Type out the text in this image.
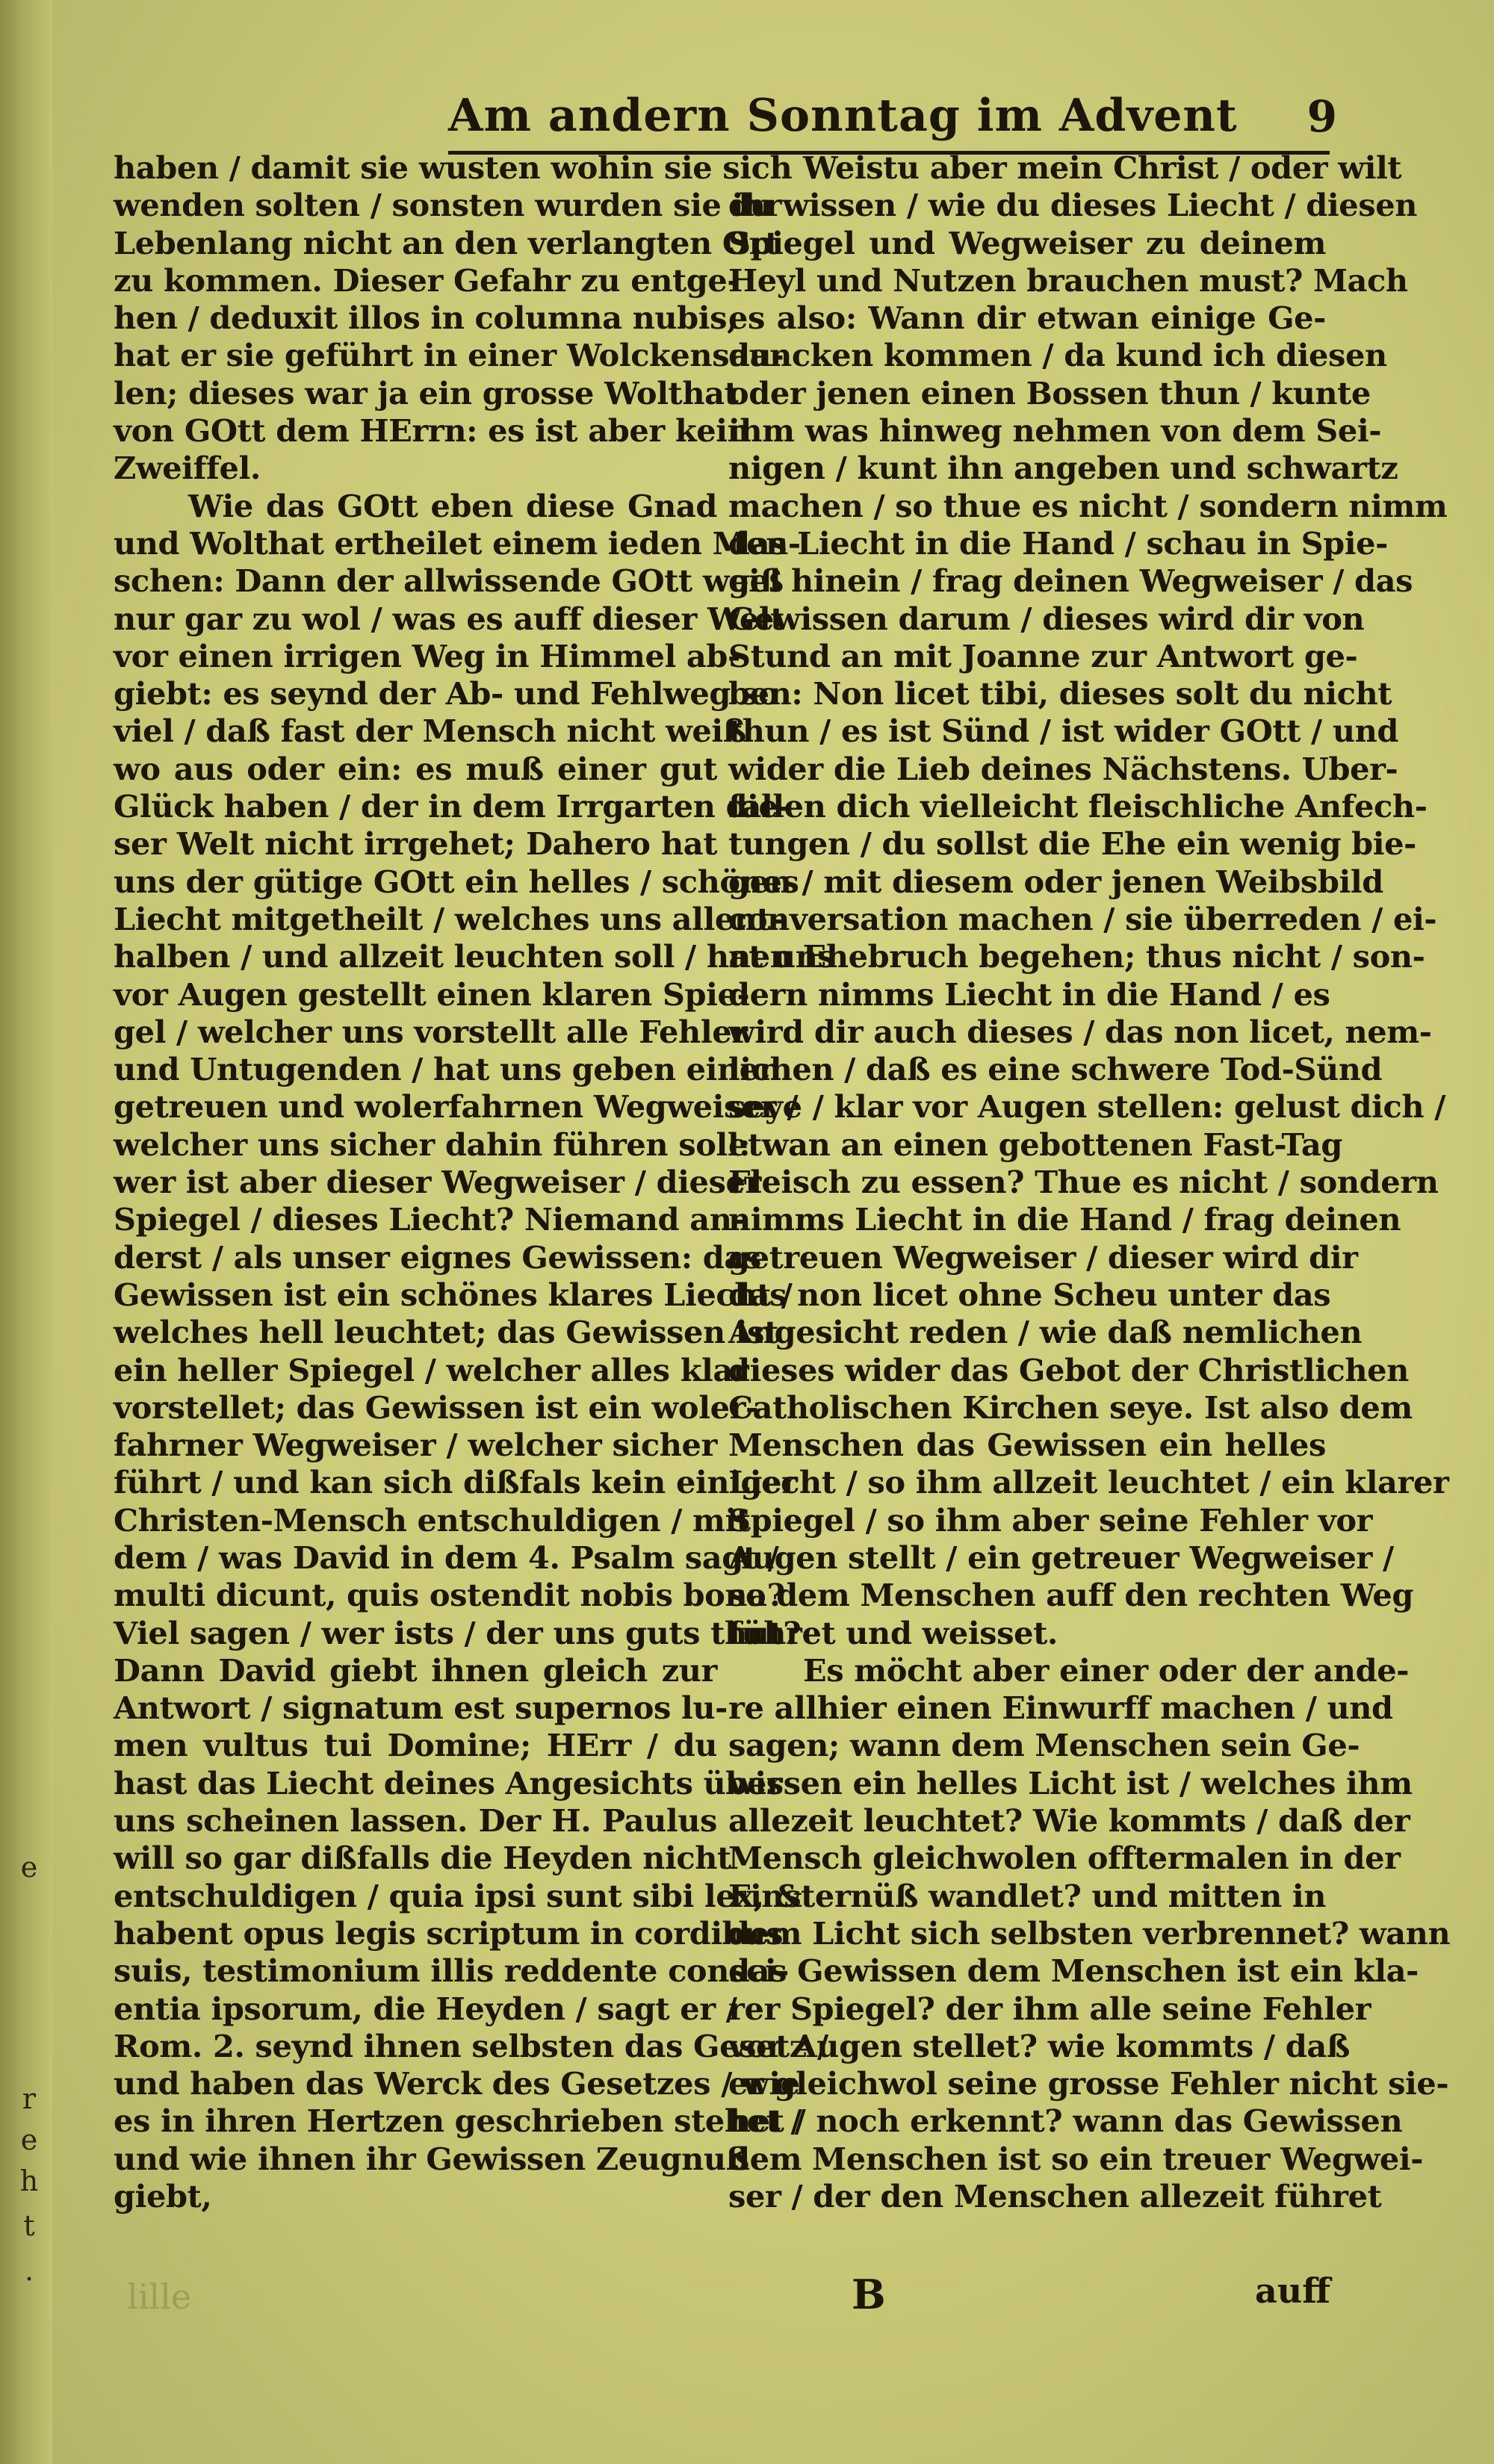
e
r
e
h
t
.
Am andern Sonntag im Advent 9
haben / damit sie wusten wohin sie sich
wenden solten / sonsten wurden sie ihr
Lebenlang nicht an den verlangten Ort
zu kommen. Dieser Gefahr zu entge-
hen / deduxit illos in columna nubis,
hat er sie geführt in einer Wolckensau-
len; dieses war ja ein grosse Wolthat
von GOtt dem HErrn: es ist aber kein
Zweiffel.
Wie das GOtt eben diese Gnad
und Wolthat ertheilet einem ieden Men-
schen: Dann der allwissende GOtt weiß
nur gar zu wol / was es auff dieser Welt
vor einen irrigen Weg in Himmel ab-
giebt: es seynd der Ab- und Fehlweg so
viel / daß fast der Mensch nicht weiß
wo aus oder ein: es muß einer gut
Glück haben / der in dem Irrgarten die-
ser Welt nicht irrgehet; Dahero hat
uns der gütige GOtt ein helles / schönes
Liecht mitgetheilt / welches uns allent-
halben / und allzeit leuchten soll / hat uns
vor Augen gestellt einen klaren Spie-
gel / welcher uns vorstellt alle Fehler
und Untugenden / hat uns geben einen
getreuen und wolerfahrnen Wegweiser /
welcher uns sicher dahin führen soll:
wer ist aber dieser Wegweiser / dieser
Spiegel / dieses Liecht? Niemand an-
derst / als unser eignes Gewissen: das
Gewissen ist ein schönes klares Liecht /
welches hell leuchtet; das Gewissen ist
ein heller Spiegel / welcher alles klar
vorstellet; das Gewissen ist ein woler-
fahrner Wegweiser / welcher sicher
führt / und kan sich dißfals kein einiger
Christen-Mensch entschuldigen / mit
dem / was David in dem 4. Psalm sagt /
multi dicunt, quis ostendit nobis bona?
Viel sagen / wer ists / der uns guts thut?
Dann David giebt ihnen gleich zur
Antwort / signatum est supernos lu-
men vultus tui Domine; HErr / du
hast das Liecht deines Angesichts über
uns scheinen lassen. Der H. Paulus
will so gar dißfalls die Heyden nicht
entschuldigen / quia ipsi sunt sibi lex, &
habent opus legis scriptum in cordibus
suis, testimonium illis reddente consci-
entia ipsorum, die Heyden / sagt er /
Rom. 2. seynd ihnen selbsten das Gesetz /
und haben das Werck des Gesetzes / wie
es in ihren Hertzen geschrieben stehet /
und wie ihnen ihr Gewissen Zeugnuß
giebt,
Weistu aber mein Christ / oder wilt
du wissen / wie du dieses Liecht / diesen
Spiegel und Wegweiser zu deinem
Heyl und Nutzen brauchen must? Mach
es also: Wann dir etwan einige Ge-
dancken kommen / da kund ich diesen
oder jenen einen Bossen thun / kunte
ihm was hinweg nehmen von dem Sei-
nigen / kunt ihn angeben und schwartz
machen / so thue es nicht / sondern nimm
das Liecht in die Hand / schau in Spie-
gel hinein / frag deinen Wegweiser / das
Gewissen darum / dieses wird dir von
Stund an mit Joanne zur Antwort ge-
ben: Non licet tibi, dieses solt du nicht
thun / es ist Sünd / ist wider GOtt / und
wider die Lieb deines Nächstens. Uber-
fallen dich vielleicht fleischliche Anfech-
tungen / du sollst die Ehe ein wenig bie-
gen / mit diesem oder jenen Weibsbild
conversation machen / sie überreden / ei-
nen Ehebruch begehen; thus nicht / son-
dern nimms Liecht in die Hand / es
wird dir auch dieses / das non licet, nem-
lichen / daß es eine schwere Tod-Sünd
seye / klar vor Augen stellen: gelust dich /
etwan an einen gebottenen Fast-Tag
Fleisch zu essen? Thue es nicht / sondern
nimms Liecht in die Hand / frag deinen
getreuen Wegweiser / dieser wird dir
das non licet ohne Scheu unter das
Angesicht reden / wie daß nemlichen
dieses wider das Gebot der Christlichen
Catholischen Kirchen seye. Ist also dem
Menschen das Gewissen ein helles
Liecht / so ihm allzeit leuchtet / ein klarer
Spiegel / so ihm aber seine Fehler vor
Augen stellt / ein getreuer Wegweiser /
so dem Menschen auff den rechten Weg
führet und weisset.
Es möcht aber einer oder der ande-
re allhier einen Einwurff machen / und
sagen; wann dem Menschen sein Ge-
wissen ein helles Licht ist / welches ihm
allezeit leuchtet? Wie kommts / daß der
Mensch gleichwolen offtermalen in der
Finsternüß wandlet? und mitten in
dem Licht sich selbsten verbrennet? wann
das Gewissen dem Menschen ist ein kla-
rer Spiegel? der ihm alle seine Fehler
vor Augen stellet? wie kommts / daß
er gleichwol seine grosse Fehler nicht sie-
het / noch erkennt? wann das Gewissen
dem Menschen ist so ein treuer Wegwei-
ser / der den Menschen allezeit führet
lille	B	auff
